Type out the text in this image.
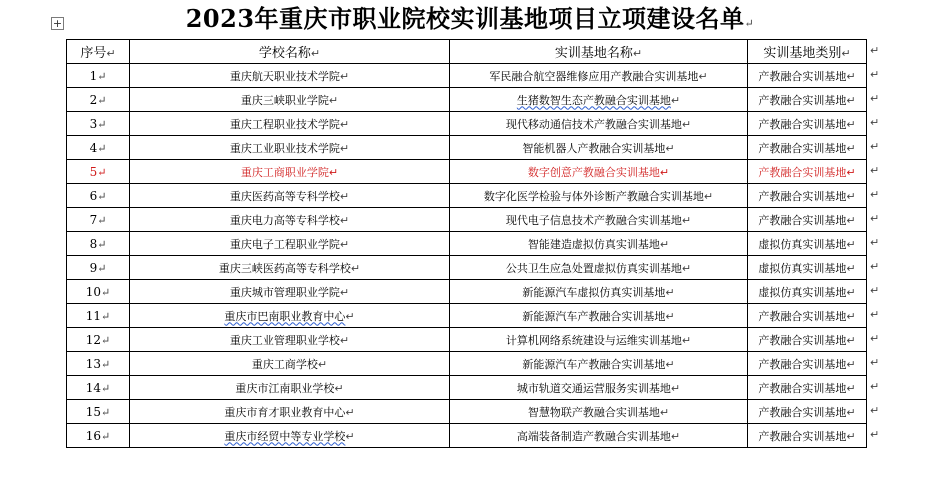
+	2023年重庆市职业院校实训基地项目立项建设名单↵
序号↵	学校名称↵	实训基地名称↵	实训基地类别↵
1↵	重庆航天职业技术学院↵	军民融合航空器维修应用产教融合实训基地↵	产教融合实训基地↵
2↵	重庆三峡职业学院↵	生猪数智生态产教融合实训基地↵	产教融合实训基地↵
3↵	重庆工程职业技术学院↵	现代移动通信技术产教融合实训基地↵	产教融合实训基地↵
4↵	重庆工业职业技术学院↵	智能机器人产教融合实训基地↵	产教融合实训基地↵
5↵	重庆工商职业学院↵	数字创意产教融合实训基地↵	产教融合实训基地↵
6↵	重庆医药高等专科学校↵	数字化医学检验与体外诊断产教融合实训基地↵	产教融合实训基地↵
7↵	重庆电力高等专科学校↵	现代电子信息技术产教融合实训基地↵	产教融合实训基地↵
8↵	重庆电子工程职业学院↵	智能建造虚拟仿真实训基地↵	虚拟仿真实训基地↵
9↵	重庆三峡医药高等专科学校↵	公共卫生应急处置虚拟仿真实训基地↵	虚拟仿真实训基地↵
10↵	重庆城市管理职业学院↵	新能源汽车虚拟仿真实训基地↵	虚拟仿真实训基地↵
11↵	重庆市巴南职业教育中心↵	新能源汽车产教融合实训基地↵	产教融合实训基地↵
12↵	重庆工业管理职业学校↵	计算机网络系统建设与运维实训基地↵	产教融合实训基地↵
13↵	重庆工商学校↵	新能源汽车产教融合实训基地↵	产教融合实训基地↵
14↵	重庆市江南职业学校↵	城市轨道交通运营服务实训基地↵	产教融合实训基地↵
15↵	重庆市育才职业教育中心↵	智慧物联产教融合实训基地↵	产教融合实训基地↵
16↵	重庆市经贸中等专业学校↵	高端装备制造产教融合实训基地↵	产教融合实训基地↵
↵
↵
↵
↵
↵
↵
↵
↵
↵
↵
↵
↵
↵
↵
↵
↵
↵
